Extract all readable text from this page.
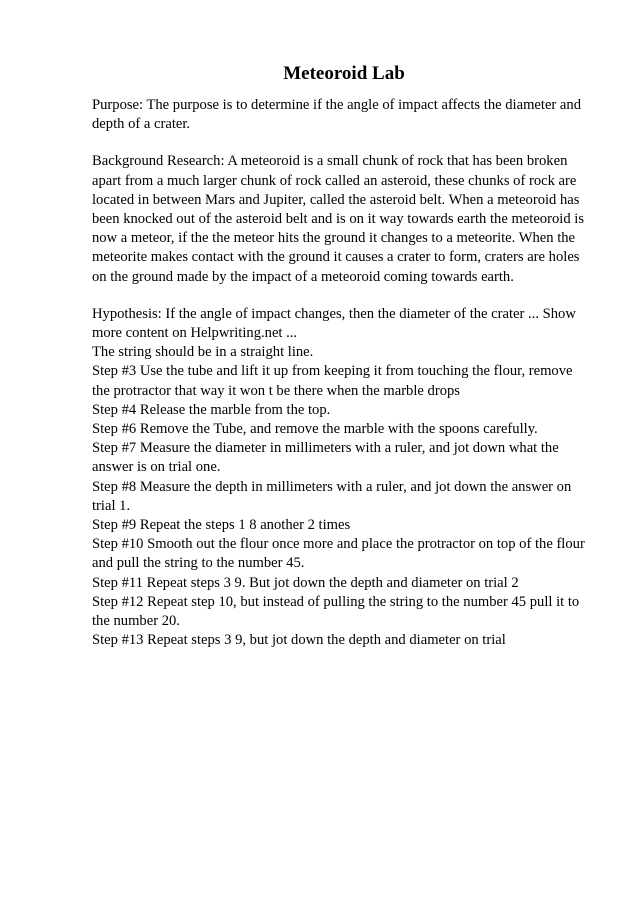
Meteoroid Lab
Purpose: The purpose is to determine if the angle of impact affects the diameter and
depth of a crater.
Background Research: A meteoroid is a small chunk of rock that has been broken
apart from a much larger chunk of rock called an asteroid, these chunks of rock are
located in between Mars and Jupiter, called the asteroid belt. When a meteoroid has
been knocked out of the asteroid belt and is on it way towards earth the meteoroid is
now a meteor, if the the meteor hits the ground it changes to a meteorite. When the
meteorite makes contact with the ground it causes a crater to form, craters are holes
on the ground made by the impact of a meteoroid coming towards earth.
Hypothesis: If the angle of impact changes, then the diameter of the crater ... Show
more content on Helpwriting.net ...
The string should be in a straight line.
Step #3 Use the tube and lift it up from keeping it from touching the flour, remove
the protractor that way it won t be there when the marble drops
Step #4 Release the marble from the top.
Step #6 Remove the Tube, and remove the marble with the spoons carefully.
Step #7 Measure the diameter in millimeters with a ruler, and jot down what the
answer is on trial one.
Step #8 Measure the depth in millimeters with a ruler, and jot down the answer on
trial 1.
Step #9 Repeat the steps 1 8 another 2 times
Step #10 Smooth out the flour once more and place the protractor on top of the flour
and pull the string to the number 45.
Step #11 Repeat steps 3 9. But jot down the depth and diameter on trial 2
Step #12 Repeat step 10, but instead of pulling the string to the number 45 pull it to
the number 20.
Step #13 Repeat steps 3 9, but jot down the depth and diameter on trial
